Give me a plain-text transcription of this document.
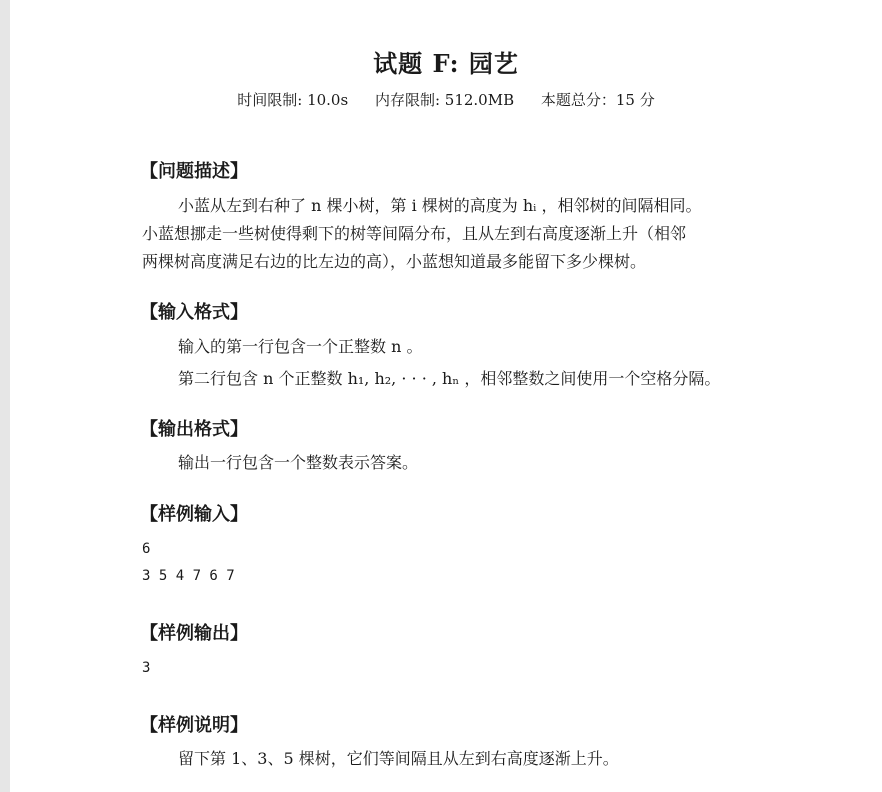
试题 F: 园艺
时间限制: 10.0s 内存限制: 512.0MB 本题总分：15 分
【问题描述】

小蓝从左到右种了 n 棵小树，第 i 棵树的高度为 hᵢ ，相邻树的间隔相同。

小蓝想挪走一些树使得剩下的树等间隔分布，且从左到右高度逐渐上升（相邻

两棵树高度满足右边的比左边的高），小蓝想知道最多能留下多少棵树。

【输入格式】

输入的第一行包含一个正整数 n 。

第二行包含 n 个正整数 h₁, h₂, · · · , hₙ ，相邻整数之间使用一个空格分隔。

【输出格式】

输出一行包含一个整数表示答案。

【样例输入】

6

3 5 4 7 6 7

【样例输出】

3

【样例说明】

留下第 1、3、5 棵树，它们等间隔且从左到右高度逐渐上升。
